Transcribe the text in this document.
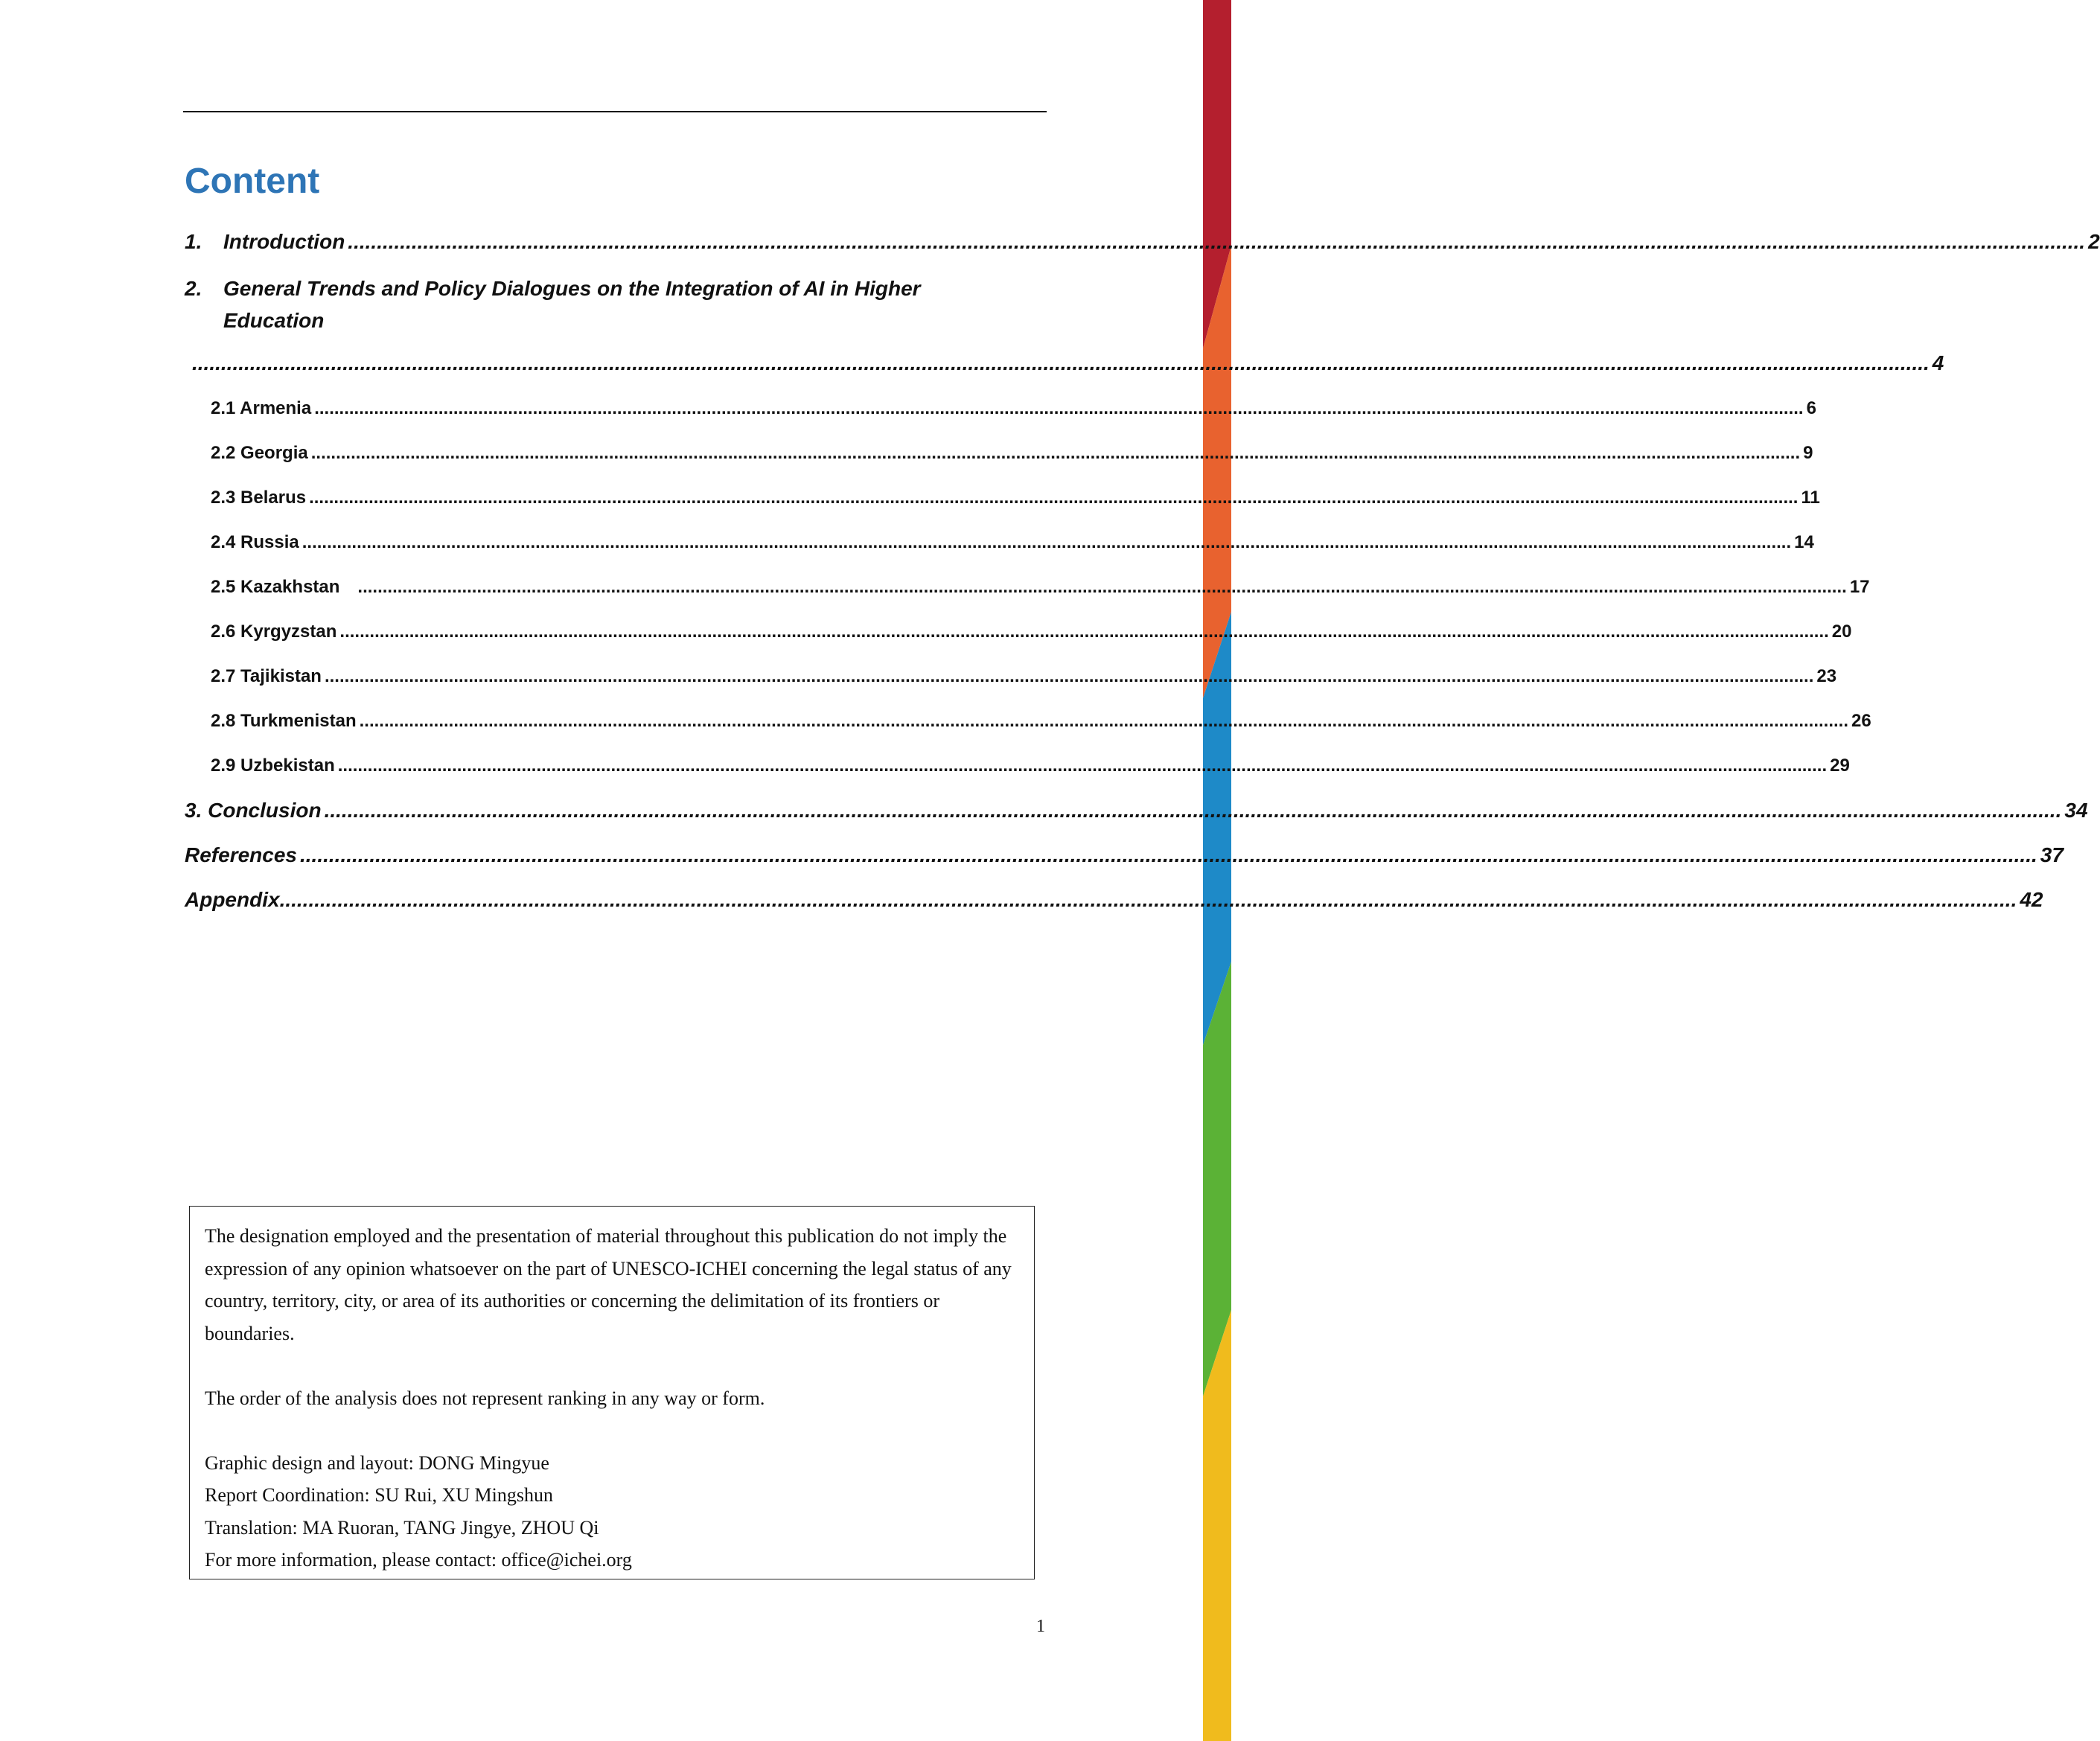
Content
1.	Introduction ............................................................................................................................................................................................................................................................................................................ 2
2. General Trends and Policy Dialogues on the Integration of AI in Higher Education
............................................................................................................................................................................................................................................................................................................ 4
2.1 Armenia ............................................................................................................................................................................................................................................................................................................ 6
2.2 Georgia ............................................................................................................................................................................................................................................................................................................ 9
2.3 Belarus ............................................................................................................................................................................................................................................................................................................ 11
2.4 Russia ............................................................................................................................................................................................................................................................................................................ 14
2.5 Kazakhstan ............................................................................................................................................................................................................................................................................................................ 17
2.6 Kyrgyzstan ............................................................................................................................................................................................................................................................................................................ 20
2.7 Tajikistan ............................................................................................................................................................................................................................................................................................................ 23
2.8 Turkmenistan ............................................................................................................................................................................................................................................................................................................ 26
2.9 Uzbekistan ............................................................................................................................................................................................................................................................................................................ 29
3. Conclusion ............................................................................................................................................................................................................................................................................................................ 34
References ............................................................................................................................................................................................................................................................................................................ 37
Appendix ............................................................................................................................................................................................................................................................................................................ 42

The designation employed and the presentation of material throughout this publication do not imply the expression of any opinion whatsoever on the part of UNESCO-ICHEI concerning the legal status of any country, territory, city, or area of its authorities or concerning the delimitation of its frontiers or boundaries.

The order of the analysis does not represent ranking in any way or form.

Graphic design and layout: DONG Mingyue

Report Coordination: SU Rui, XU Mingshun

Translation: MA Ruoran, TANG Jingye, ZHOU Qi

For more information, please contact: office@ichei.org

1
